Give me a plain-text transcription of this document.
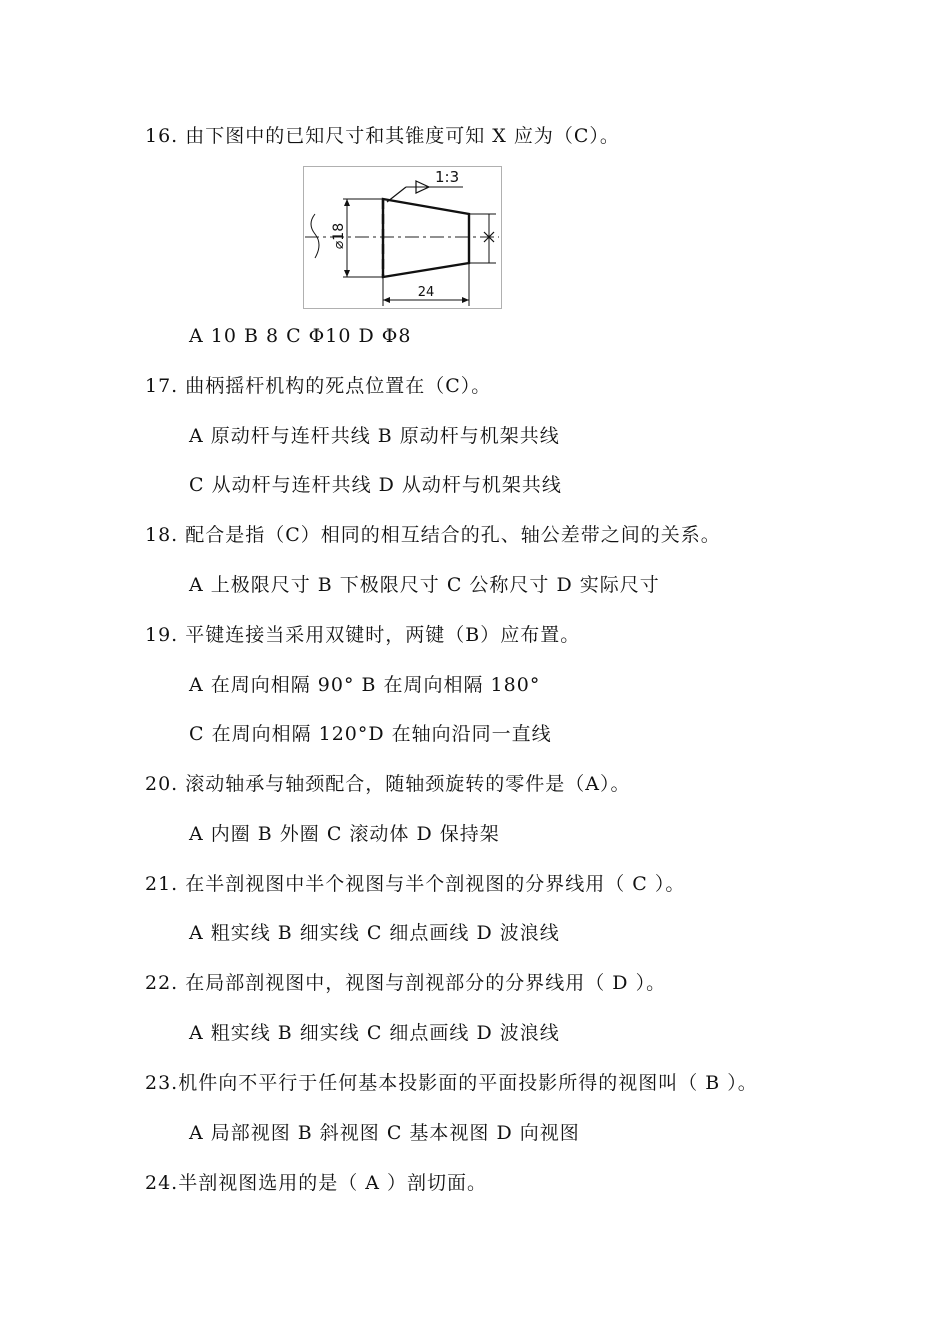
16. 由下图中的已知尺寸和其锥度可知 X 应为（C）。
⌀18
24
1:3
A 10 B 8 C Φ10 D Φ8
17. 曲柄摇杆机构的死点位置在（C）。
A 原动杆与连杆共线 B 原动杆与机架共线
C 从动杆与连杆共线 D 从动杆与机架共线
18. 配合是指（C）相同的相互结合的孔、轴公差带之间的关系。
A 上极限尺寸 B 下极限尺寸 C 公称尺寸 D 实际尺寸
19. 平键连接当采用双键时，两键（B）应布置。
A 在周向相隔 90° B 在周向相隔 180°
C 在周向相隔 120°D 在轴向沿同一直线
20. 滚动轴承与轴颈配合，随轴颈旋转的零件是（A）。
A 内圈 B 外圈 C 滚动体 D 保持架
21. 在半剖视图中半个视图与半个剖视图的分界线用（ C ）。
A 粗实线 B 细实线 C 细点画线 D 波浪线
22. 在局部剖视图中，视图与剖视部分的分界线用（ D ）。
A 粗实线 B 细实线 C 细点画线 D 波浪线
23.机件向不平行于任何基本投影面的平面投影所得的视图叫（ B ）。
A 局部视图 B 斜视图 C 基本视图 D 向视图
24.半剖视图选用的是（ A ）剖切面。
